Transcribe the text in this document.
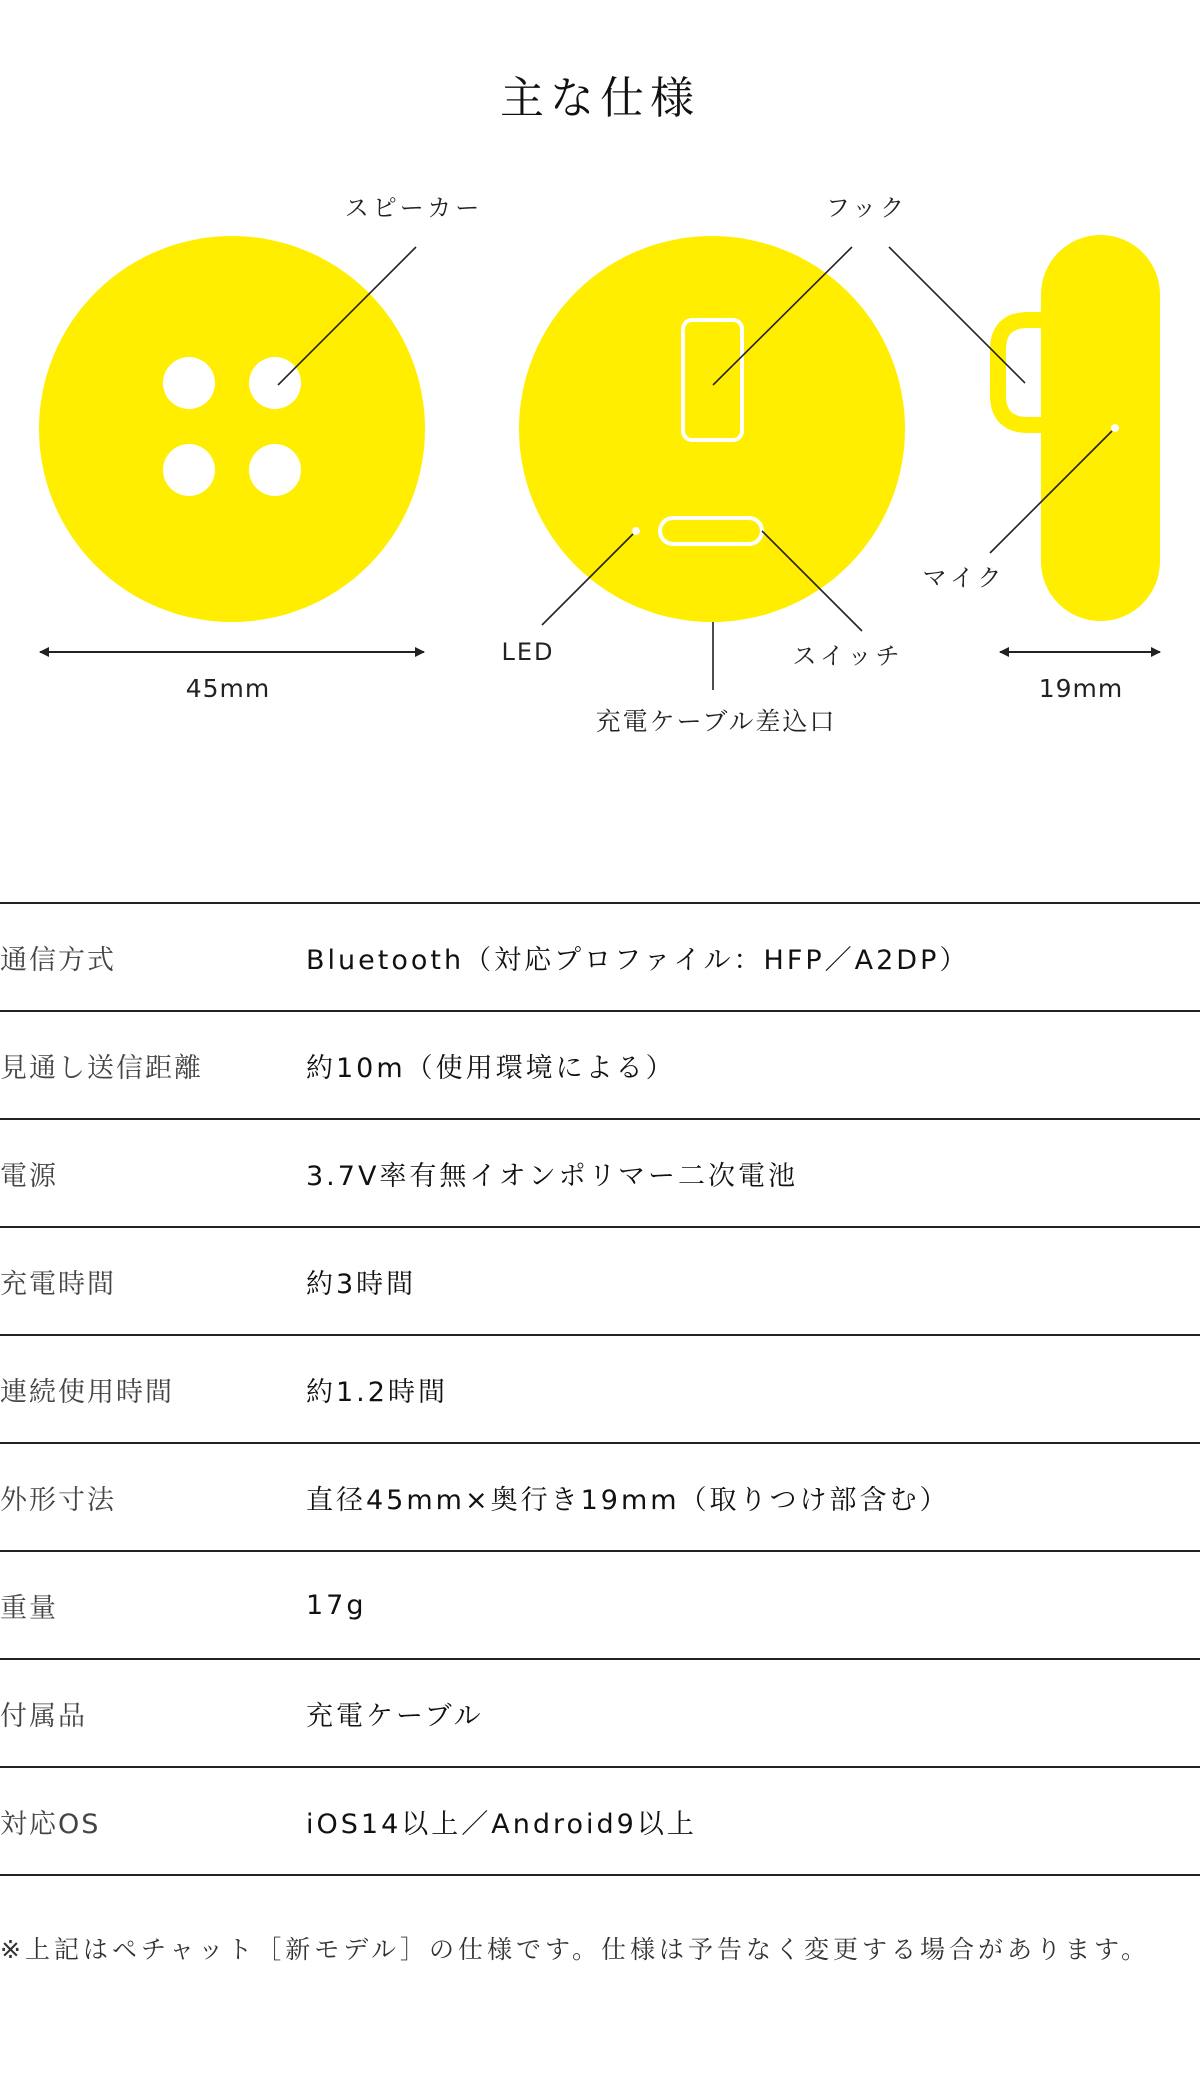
主な仕様
スピーカー
45mm
フック
LED	スイッチ
充電ケーブル差込口
マイク
19mm
通信方式	Bluetooth（対応プロファイル：HFP／A2DP）
見通し送信距離	約10m（使用環境による）
電源	3.7V率有無イオンポリマー二次電池
充電時間	約3時間
連続使用時間	約1.2時間
外形寸法	直径45mm×奥行き19mm（取りつけ部含む）
重量	17g
付属品	充電ケーブル
対応OS	iOS14以上／Android9以上
※上記はペチャット［新モデル］の仕様です。仕様は予告なく変更する場合があります。
